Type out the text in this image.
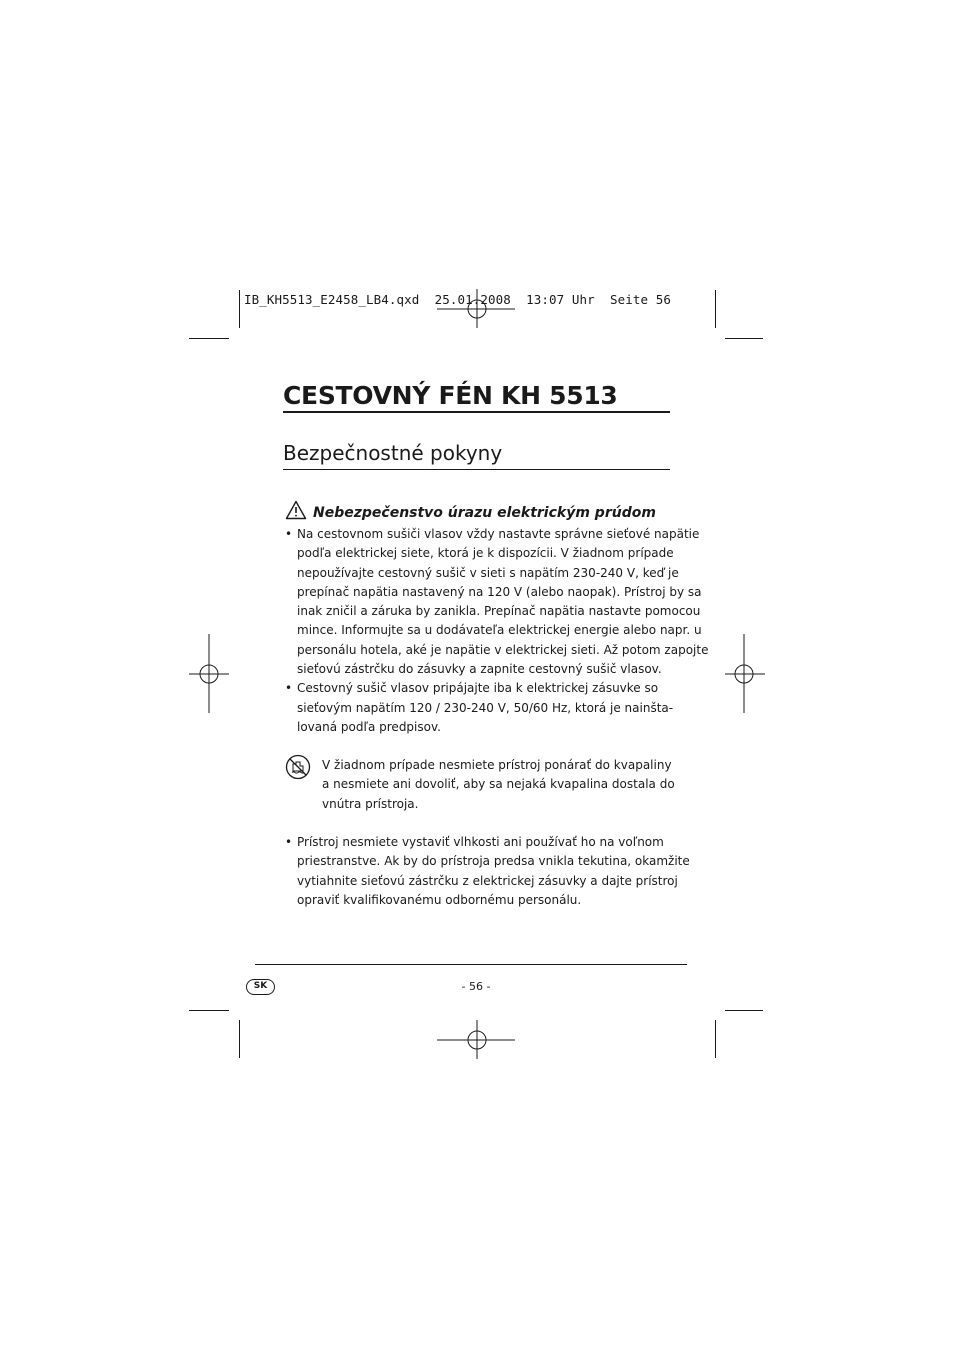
IB_KH5513_E2458_LB4.qxd  25.01.2008  13:07 Uhr  Seite 56
CESTOVNÝ FÉN KH 5513
Bezpečnostné pokyny
Nebezpečenstvo úrazu elektrickým prúdom
• Na cestovnom sušiči vlasov vždy nastavte správne sieťové napätie
podľa elektrickej siete, ktorá je k dispozícii. V žiadnom prípade
nepoužívajte cestovný sušič v sieti s napätím 230-240 V, keď je
prepínač napätia nastavený na 120 V (alebo naopak). Prístroj by sa
inak zničil a záruka by zanikla. Prepínač napätia nastavte pomocou
mince. Informujte sa u dodávateľa elektrickej energie alebo napr. u
personálu hotela, aké je napätie v elektrickej sieti. Až potom zapojte
sieťovú zástrčku do zásuvky a zapnite cestovný sušič vlasov.
• Cestovný sušič vlasov pripájajte iba k elektrickej zásuvke so
sieťovým napätím 120 / 230-240 V, 50/60 Hz, ktorá je nainšta-
lovaná podľa predpisov.
V žiadnom prípade nesmiete prístroj ponárať do kvapaliny
a nesmiete ani dovoliť, aby sa nejaká kvapalina dostala do
vnútra prístroja.
• Prístroj nesmiete vystaviť vlhkosti ani používať ho na voľnom
priestranstve. Ak by do prístroja predsa vnikla tekutina, okamžite
vytiahnite sieťovú zástrčku z elektrickej zásuvky a dajte prístroj
opraviť kvalifikovanému odbornému personálu.
SK	- 56 -
